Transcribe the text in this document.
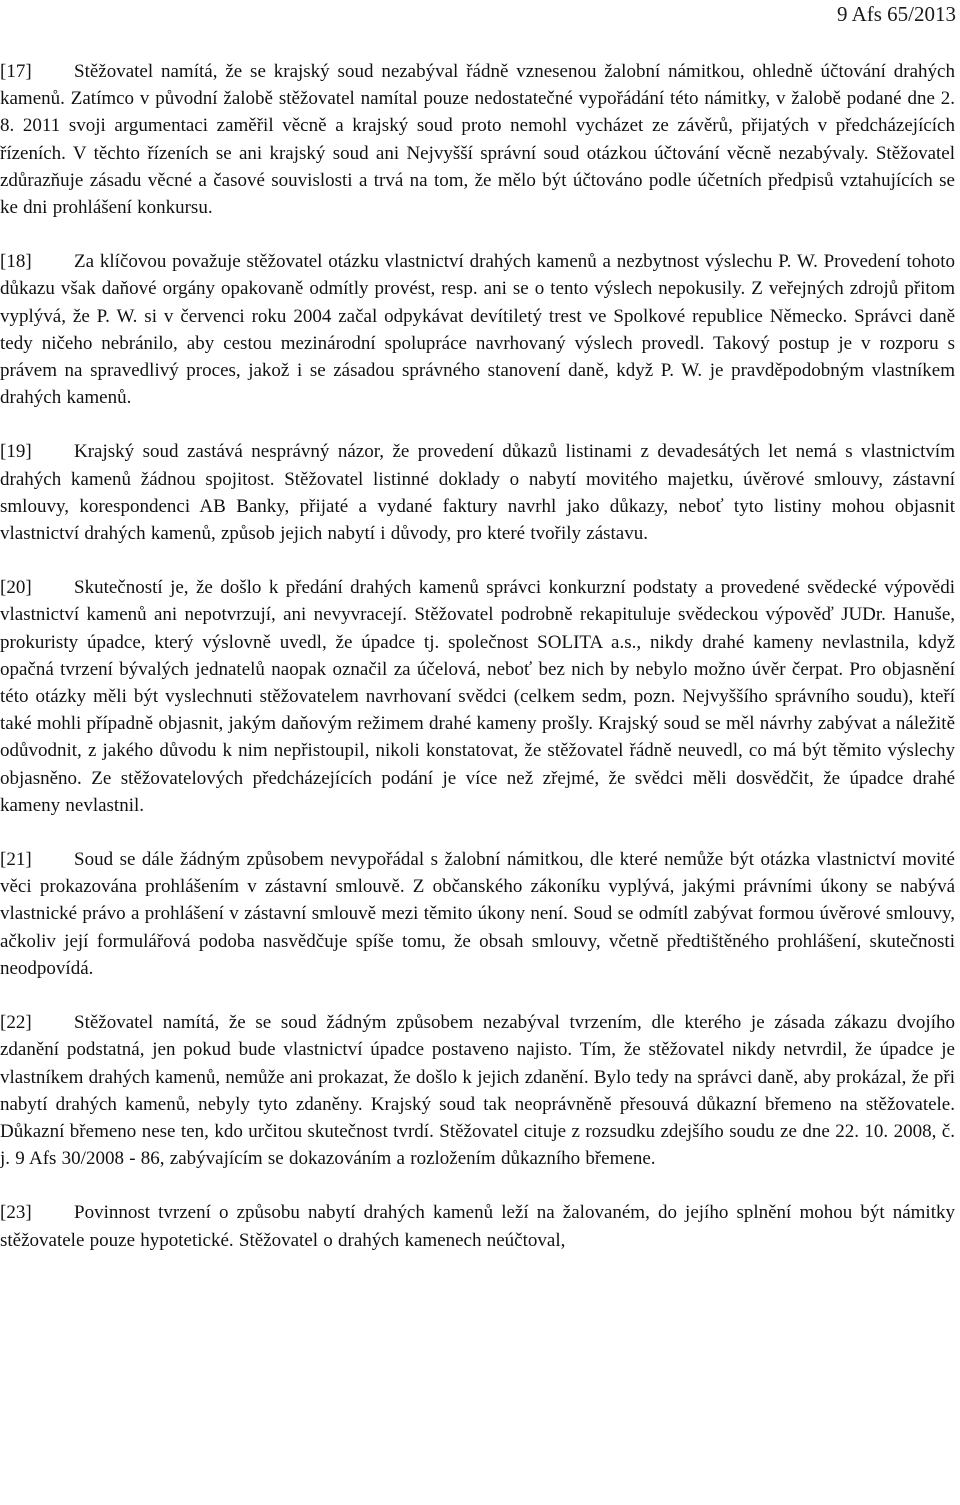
9 Afs 65/2013

[17] Stěžovatel namítá, že se krajský soud nezabýval řádně vznesenou žalobní námitkou, ohledně účtování drahých kamenů. Zatímco v původní žalobě stěžovatel namítal pouze nedostatečné vypořádání této námitky, v žalobě podané dne 2. 8. 2011 svoji argumentaci zaměřil věcně a krajský soud proto nemohl vycházet ze závěrů, přijatých v předcházejících řízeních. V těchto řízeních se ani krajský soud ani Nejvyšší správní soud otázkou účtování věcně nezabývaly. Stěžovatel zdůrazňuje zásadu věcné a časové souvislosti a trvá na tom, že mělo být účtováno podle účetních předpisů vztahujících se ke dni prohlášení konkursu.

[18] Za klíčovou považuje stěžovatel otázku vlastnictví drahých kamenů a nezbytnost výslechu P. W. Provedení tohoto důkazu však daňové orgány opakovaně odmítly provést, resp. ani se o tento výslech nepokusily. Z veřejných zdrojů přitom vyplývá, že P. W. si v červenci roku 2004 začal odpykávat devítiletý trest ve Spolkové republice Německo. Správci daně tedy ničeho nebránilo, aby cestou mezinárodní spolupráce navrhovaný výslech provedl. Takový postup je v rozporu s právem na spravedlivý proces, jakož i se zásadou správného stanovení daně, když P. W. je pravděpodobným vlastníkem drahých kamenů.

[19] Krajský soud zastává nesprávný názor, že provedení důkazů listinami z devadesátých let nemá s vlastnictvím drahých kamenů žádnou spojitost. Stěžovatel listinné doklady o nabytí movitého majetku, úvěrové smlouvy, zástavní smlouvy, korespondenci AB Banky, přijaté a vydané faktury navrhl jako důkazy, neboť tyto listiny mohou objasnit vlastnictví drahých kamenů, způsob jejich nabytí i důvody, pro které tvořily zástavu.

[20] Skutečností je, že došlo k předání drahých kamenů správci konkurzní podstaty a provedené svědecké výpovědi vlastnictví kamenů ani nepotvrzují, ani nevyvracejí. Stěžovatel podrobně rekapituluje svědeckou výpověď JUDr. Hanuše, prokuristy úpadce, který výslovně uvedl, že úpadce tj. společnost SOLITA a.s., nikdy drahé kameny nevlastnila, když opačná tvrzení bývalých jednatelů naopak označil za účelová, neboť bez nich by nebylo možno úvěr čerpat. Pro objasnění této otázky měli být vyslechnuti stěžovatelem navrhovaní svědci (celkem sedm, pozn. Nejvyššího správního soudu), kteří také mohli případně objasnit, jakým daňovým režimem drahé kameny prošly. Krajský soud se měl návrhy zabývat a náležitě odůvodnit, z jakého důvodu k nim nepřistoupil, nikoli konstatovat, že stěžovatel řádně neuvedl, co má být těmito výslechy objasněno. Ze stěžovatelových předcházejících podání je více než zřejmé, že svědci měli dosvědčit, že úpadce drahé kameny nevlastnil.

[21] Soud se dále žádným způsobem nevypořádal s žalobní námitkou, dle které nemůže být otázka vlastnictví movité věci prokazována prohlášením v zástavní smlouvě. Z občanského zákoníku vyplývá, jakými právními úkony se nabývá vlastnické právo a prohlášení v zástavní smlouvě mezi těmito úkony není. Soud se odmítl zabývat formou úvěrové smlouvy, ačkoliv její formulářová podoba nasvědčuje spíše tomu, že obsah smlouvy, včetně předtištěného prohlášení, skutečnosti neodpovídá.

[22] Stěžovatel namítá, že se soud žádným způsobem nezabýval tvrzením, dle kterého je zásada zákazu dvojího zdanění podstatná, jen pokud bude vlastnictví úpadce postaveno najisto. Tím, že stěžovatel nikdy netvrdil, že úpadce je vlastníkem drahých kamenů, nemůže ani prokazat, že došlo k jejich zdanění. Bylo tedy na správci daně, aby prokázal, že při nabytí drahých kamenů, nebyly tyto zdaněny. Krajský soud tak neoprávněně přesouvá důkazní břemeno na stěžovatele. Důkazní břemeno nese ten, kdo určitou skutečnost tvrdí. Stěžovatel cituje z rozsudku zdejšího soudu ze dne 22. 10. 2008, č. j. 9 Afs 30/2008 - 86, zabývajícím se dokazováním a rozložením důkazního břemene.

[23] Povinnost tvrzení o způsobu nabytí drahých kamenů leží na žalovaném, do jejího splnění mohou být námitky stěžovatele pouze hypotetické. Stěžovatel o drahých kamenech neúčtoval,
